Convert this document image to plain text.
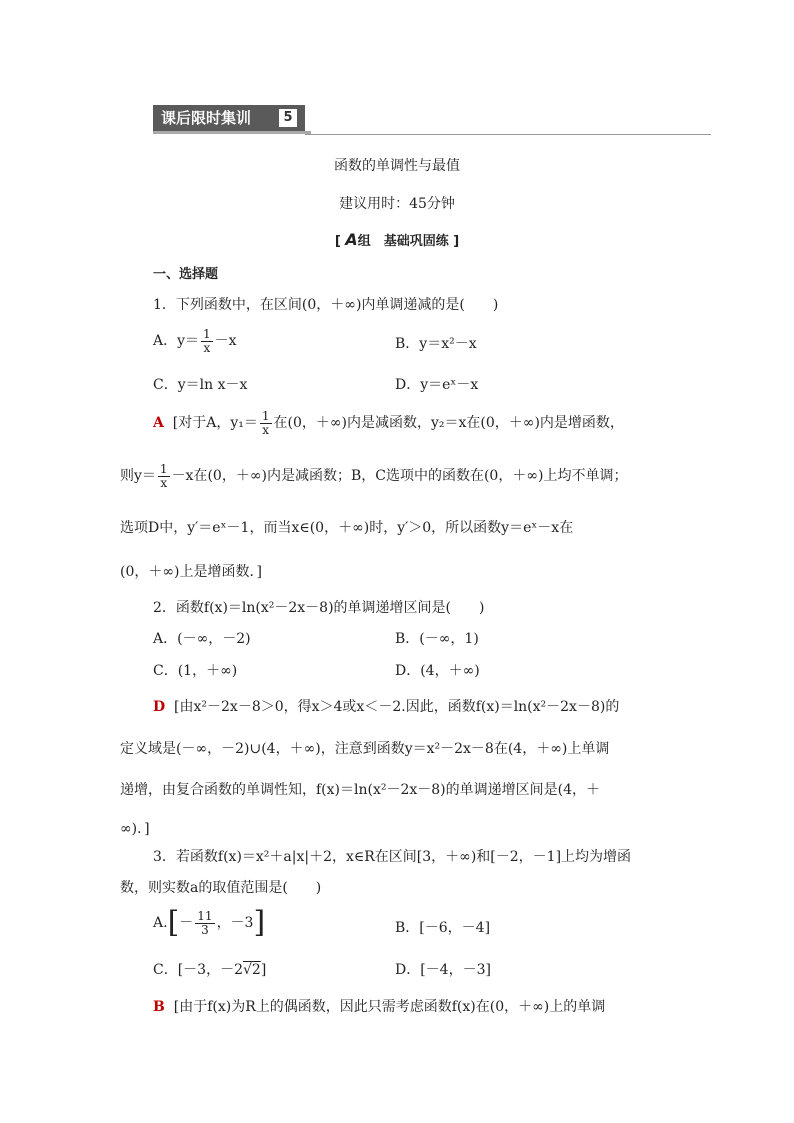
课后限时集训	5
函数的单调性与最值
建议用时：45分钟
[ A组　基础巩固练 ]
一、选择题
1．下列函数中，在区间(0，＋∞)内单调递减的是(　　)
A．$y= \frac{1}{x} -x$	B．y＝x²－x
C．y＝ln x－x	D．y＝eˣ－x
A [对于A，$y_1= \frac{1}{x}$ 在(0，＋∞)内是减函数，y₂＝x在(0，＋∞)内是增函数，
则$y= \frac{1}{x} -x$在(0，＋∞)内是减函数；B，C选项中的函数在(0，＋∞)上均不单调；
选项D中，y′＝eˣ－1，而当x∈(0，＋∞)时，y′＞0，所以函数y＝eˣ－x在
(0，＋∞)上是增函数．]
2．函数f(x)＝ln(x²－2x－8)的单调递增区间是(　　)
A．(－∞，－2)	B．(－∞，1)
C．(1，＋∞)	D．(4，＋∞)
D [由x²－2x－8＞0，得x＞4或x＜－2.因此，函数f(x)＝ln(x²－2x－8)的
定义域是(－∞，－2)∪(4，＋∞)，注意到函数y＝x²－2x－8在(4，＋∞)上单调
递增，由复合函数的单调性知，f(x)＝ln(x²－2x－8)的单调递增区间是(4，＋
∞)．]
3．若函数f(x)＝x²＋a|x|＋2，x∈R在区间[3，＋∞)和[－2，－1]上均为增函
数，则实数a的取值范围是(　　)
$A.[- \frac{11}{3}$ ，－3]	B．[－6，－4]
C．[－3，－2√2]	D．[－4，－3]
B [由于f(x)为R上的偶函数，因此只需考虑函数f(x)在(0，＋∞)上的单调
